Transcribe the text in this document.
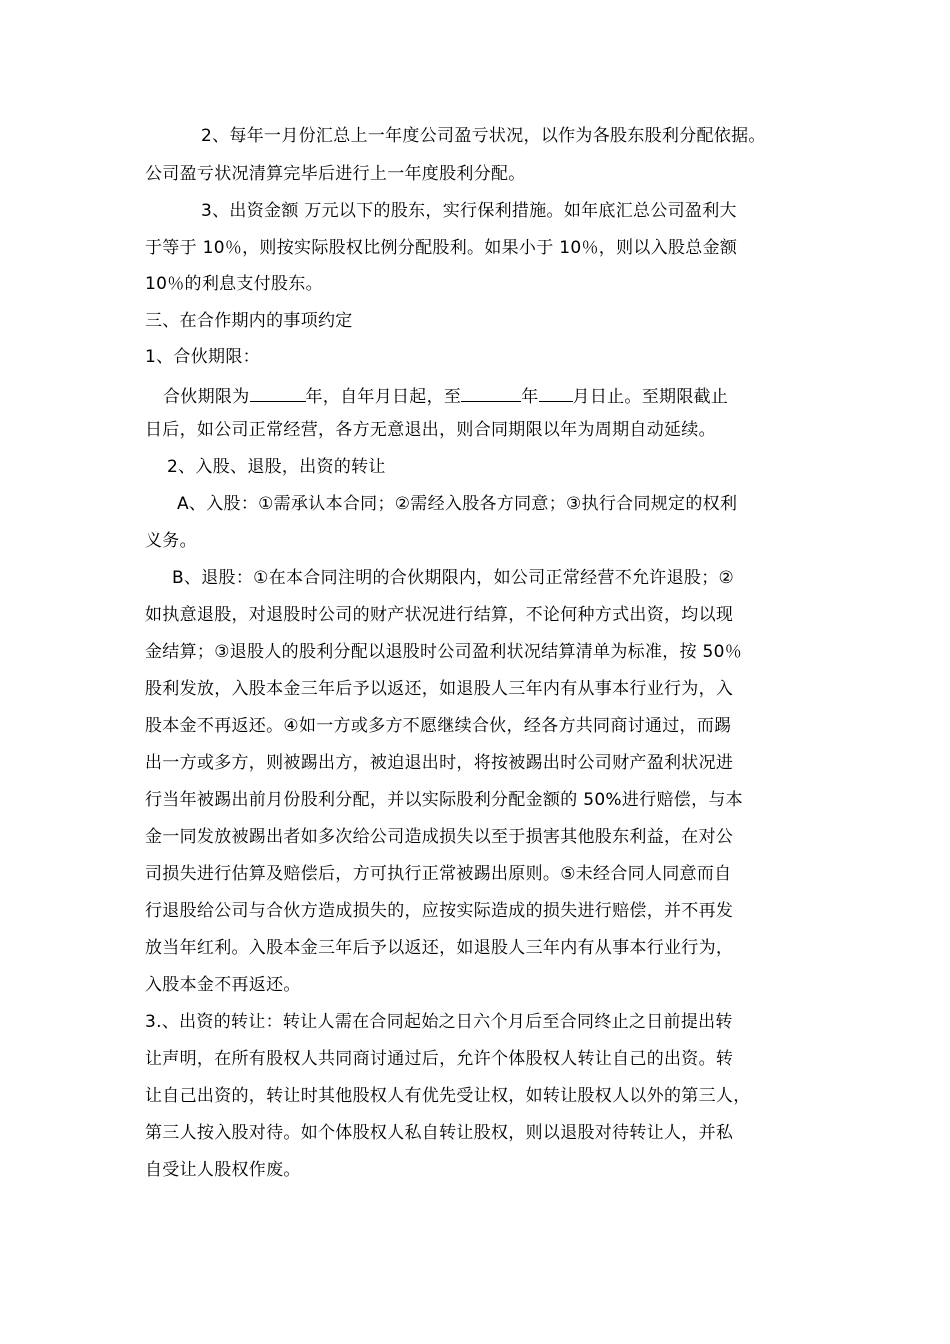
2、每年一月份汇总上一年度公司盈亏状况，以作为各股东股利分配依据。
公司盈亏状况清算完毕后进行上一年度股利分配。
3、出资金额 万元以下的股东，实行保利措施。如年底汇总公司盈利大
于等于 10％，则按实际股权比例分配股利。如果小于 10％，则以入股总金额
10％的利息支付股东。
三、在合作期内的事项约定
1、合伙期限：
合伙期限为	年，自年月日起，至	年 月日止。至期限截止
日后，如公司正常经营，各方无意退出，则合同期限以年为周期自动延续。
2、入股、退股，出资的转让
A、入股：①需承认本合同；②需经入股各方同意；③执行合同规定的权利
义务。
B、退股：①在本合同注明的合伙期限内，如公司正常经营不允许退股；②
如执意退股，对退股时公司的财产状况进行结算，不论何种方式出资，均以现
金结算；③退股人的股利分配以退股时公司盈利状况结算清单为标准，按 50％
股利发放，入股本金三年后予以返还，如退股人三年内有从事本行业行为，入
股本金不再返还。④如一方或多方不愿继续合伙，经各方共同商讨通过，而踢
出一方或多方，则被踢出方，被迫退出时，将按被踢出时公司财产盈利状况进
行当年被踢出前月份股利分配，并以实际股利分配金额的 50%进行赔偿，与本
金一同发放被踢出者如多次给公司造成损失以至于损害其他股东利益，在对公
司损失进行估算及赔偿后，方可执行正常被踢出原则。⑤未经合同人同意而自
行退股给公司与合伙方造成损失的，应按实际造成的损失进行赔偿，并不再发
放当年红利。入股本金三年后予以返还，如退股人三年内有从事本行业行为，
入股本金不再返还。
3.、出资的转让：转让人需在合同起始之日六个月后至合同终止之日前提出转
让声明，在所有股权人共同商讨通过后，允许个体股权人转让自己的出资。转
让自己出资的，转让时其他股权人有优先受让权，如转让股权人以外的第三人，
第三人按入股对待。如个体股权人私自转让股权，则以退股对待转让人，并私
自受让人股权作废。
